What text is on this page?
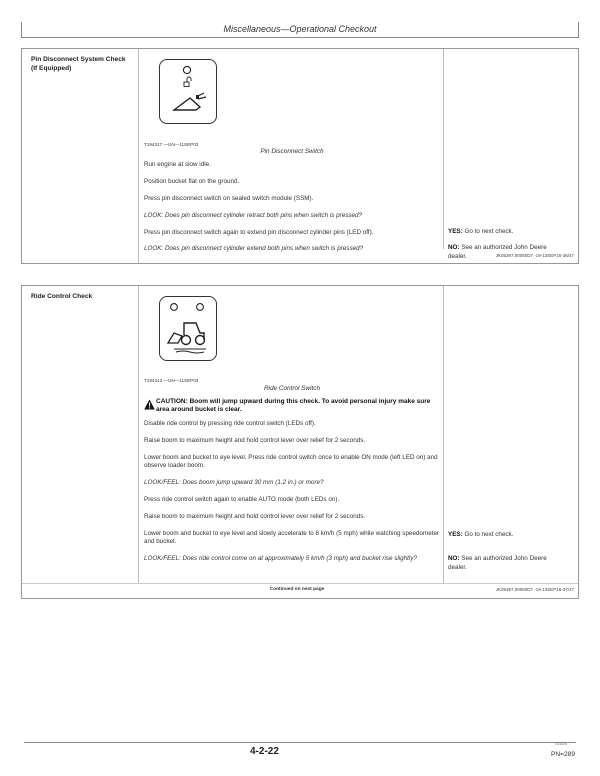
Miscellaneous—Operational Checkout
Pin Disconnect System Check (If Equipped)
T194317 —UN—11SEP03
Pin Disconnect Switch
Run engine at slow idle.
Position bucket flat on the ground.
Press pin disconnect switch on sealed switch module (SSM).
LOOK: Does pin disconnect cylinder retract both pins when switch is pressed?
Press pin disconnect switch again to extend pin disconnect cylinder pins (LED off).
LOOK: Does pin disconnect cylinder extend both pins when switch is pressed?
YES: Go to next check.
NO: See an authorized John Deere dealer.	JK05397,00050D7 -19-13SEP16-36/47
Ride Control Check
T194313 —UN—11SEP03
Ride Control Switch
CAUTION: Boom will jump upward during this check. To avoid personal injury make sure area around bucket is clear.
Disable ride control by pressing ride control switch (LEDs off).
Raise boom to maximum height and hold control lever over relief for 2 seconds.
Lower boom and bucket to eye level. Press ride control switch once to enable ON mode (left LED on) and observe loader boom.
LOOK/FEEL: Does boom jump upward 30 mm (1.2 in.) or more?
Press ride control switch again to enable AUTO mode (both LEDs on).
Raise boom to maximum height and hold control lever over relief for 2 seconds.
Lower boom and bucket to eye level and slowly accelerate to 8 km/h (5 mph) while watching speedometer and bucket.
LOOK/FEEL: Does ride control come on at approximately 5 km/h (3 mph) and bucket rise slightly?
YES: Go to next check.
NO: See an authorized John Deere dealer.
Continued on next page	JK05397,00050D7 -19-13SEP16-37/47
4-2-22
031425
PN=289
